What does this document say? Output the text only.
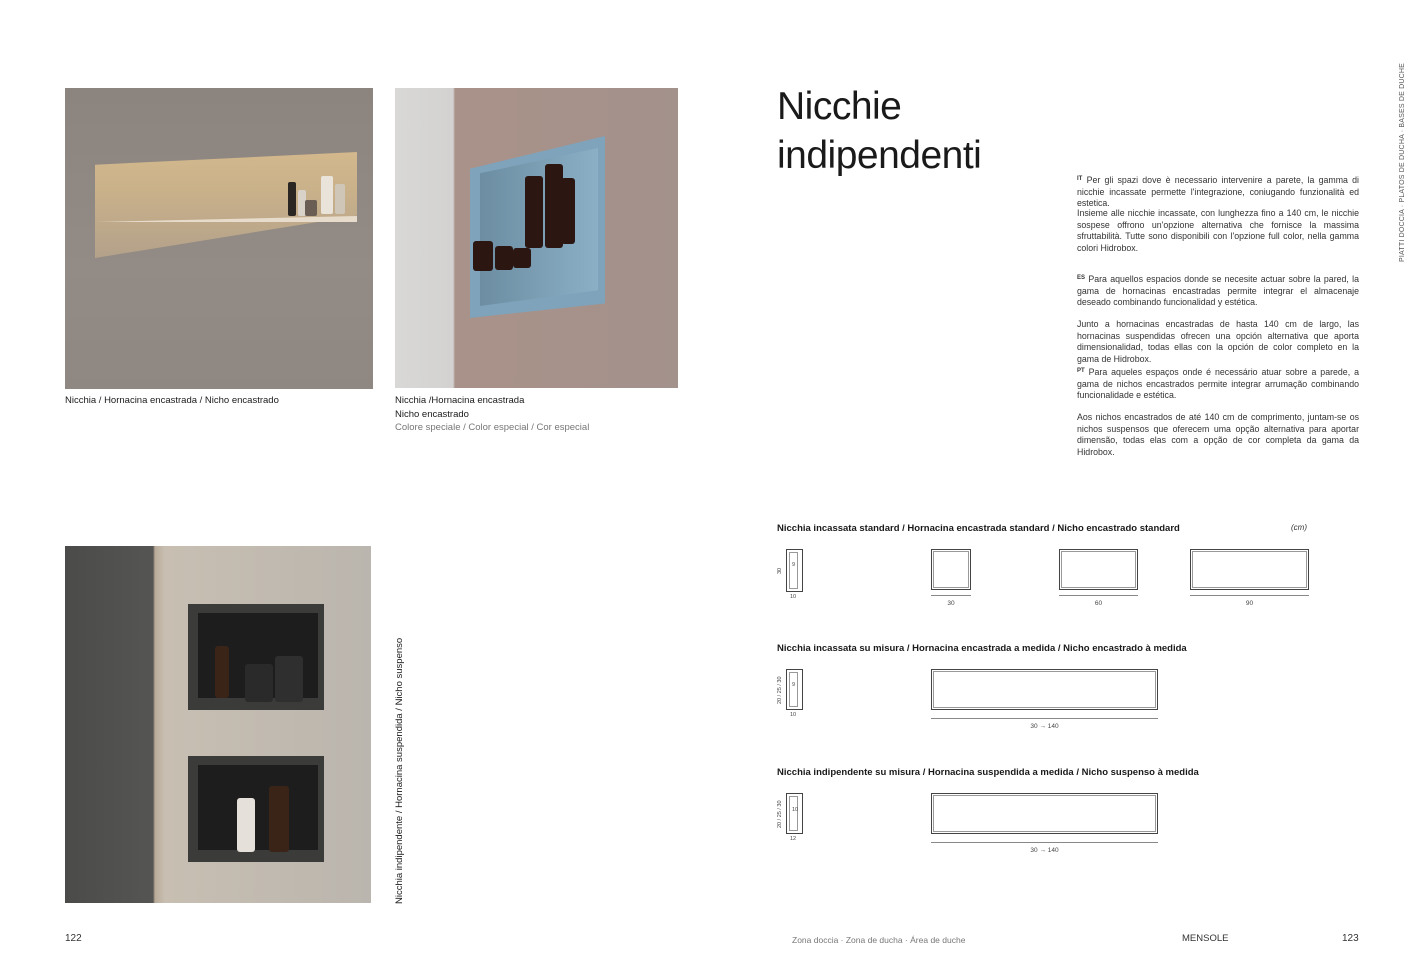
Nicchia / Hornacina encastrada / Nicho encastrado	Nicchia /Hornacina encastrada
Nicho encastrado
Colore speciale / Color especial / Cor especial
Nicchia indipendente / Hornacina suspendida / Nicho suspenso
122
Nicchie
indipendenti	PIATTI DOCCIA · PLATOS DE DUCHA · BASES DE DUCHE
$^{IT}$ Per gli spazi dove è necessario intervenire a parete, la gamma di nicchie incassate permette l'integrazione, coniugando funzionalità ed estetica.
Insieme alle nicchie incassate, con lunghezza fino a 140 cm, le nicchie sospese offrono un'opzione alternativa che fornisce la massima sfruttabilità. Tutte sono disponibili con l'opzione full color, nella gamma colori Hidrobox.
$^{ES}$ Para aquellos espacios donde se necesite actuar sobre la pared, la gama de hornacinas encastradas permite integrar el almacenaje deseado combinando funcionalidad y estética.
Junto a hornacinas encastradas de hasta 140 cm de largo, las hornacinas suspendidas ofrecen una opción alternativa que aporta dimensionalidad, todas ellas con la opción de color completo en la gama de Hidrobox.
$^{PT}$ Para aqueles espaços onde é necessário atuar sobre a parede, a gama de nichos encastrados permite integrar arrumação combinando funcionalidade e estética.
Aos nichos encastrados de até 140 cm de comprimento, juntam-se os nichos suspensos que oferecem uma opção alternativa para aportar dimensão, todas elas com a opção de cor completa da gama da Hidrobox.
Nicchia incassata standard / Hornacina encastrada standard / Nicho encastrado standard	(cm)
30
9
10
30	60	90
Nicchia incassata su misura / Hornacina encastrada a medida / Nicho encastrado à medida
20 / 25 / 30 9
10
30 → 140
Nicchia indipendente su misura / Hornacina suspendida a medida / Nicho suspenso à medida
20 / 25 / 30 10
12
30 → 140
Zona doccia · Zona de ducha · Área de duche	MENSOLE	123
